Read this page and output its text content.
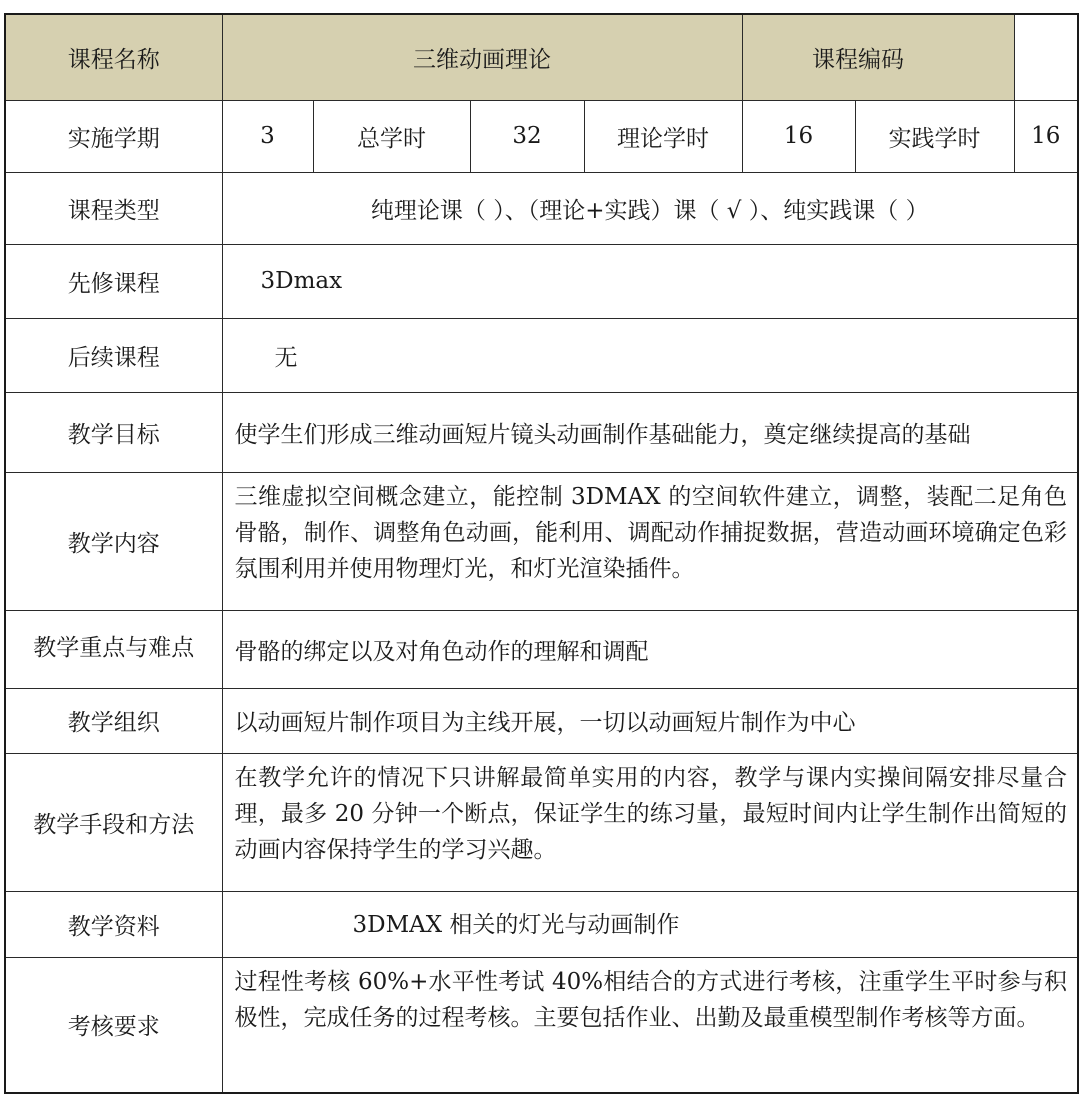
课程名称	三维动画理论				课程编码	
实施学期	3	总学时	32	理论学时	16	实践学时	16
课程类型	纯理论课（ ）、（理论+实践）课（ √ ）、纯实践课（ ）						
先修课程	3Dmax						
后续课程	无						
教学目标	使学生们形成三维动画短片镜头动画制作基础能力，奠定继续提高的基础						
教学内容	三维虚拟空间概念建立，能控制 3DMAX 的空间软件建立，调整，装配二足角色骨骼，制作、调整角色动画，能利用、调配动作捕捉数据，营造动画环境确定色彩氛围利用并使用物理灯光，和灯光渲染插件。						
教学重点与难点	骨骼的绑定以及对角色动作的理解和调配						
教学组织	以动画短片制作项目为主线开展，一切以动画短片制作为中心						
教学手段和方法	在教学允许的情况下只讲解最简单实用的内容，教学与课内实操间隔安排尽量合理，最多 20 分钟一个断点，保证学生的练习量，最短时间内让学生制作出简短的动画内容保持学生的学习兴趣。						
教学资料	3DMAX 相关的灯光与动画制作						
考核要求	过程性考核 60%+水平性考试 40%相结合的方式进行考核，注重学生平时参与积极性，完成任务的过程考核。主要包括作业、出勤及最重模型制作考核等方面。						
